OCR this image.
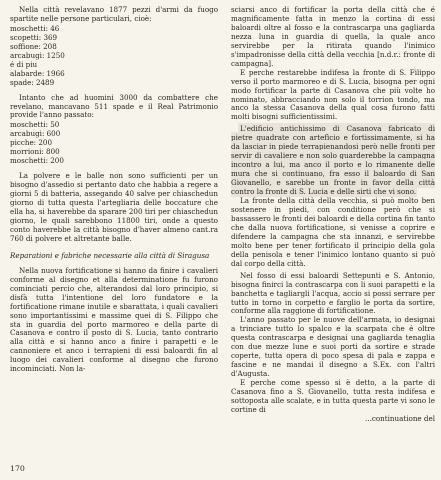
Nella città revelavano 1877 pezzi d'armi da fuogo spartite nelle persone particulari, cioè:

moschetti: 46
scopetti: 369
soffione: 208
arcabugi: 1250
é di piu
alabarde: 1966
spade: 2489

Intanto che ad huomini 3000 da combattere che revelano, mancavano 511 spade e il Real Patrimonio provide l'anno passato:

moschetti: 50
arcabugi: 600
picche: 200
morrioni: 800
moschetti: 200

La polvere e le balle non sono sufficienti per un bisogno d'assedio si pertanto dato che habbia a regere a giorni 5 di batteria, assegando 40 salve per chiaschedun giorno di tutta questa l'artegliaria delle boccature che ella ha, si haverebbe da sparare 200 tiri per chiaschedun giorno, le quali sarebbono 11800 tiri, onde a questo conto haverebbe la città bisogno d'haver almeno cant.ra 760 di polvere et altretante balle.

Reparationi e fabriche necessarie alla città di Siragusa

Nella nuova fortificatione si hanno da finire i cavalieri conforme al disegno et alla determinatione fu furono cominciati percio che, alterandosi dal loro principio, si disfà tutta l'intentione del loro fundatore e la fortificatione rimane inutile e sbarattata, i quali cavalieri sono importantissimi e massime quei di S. Filippo che sta in guardia del porto marmoreo e della parte di Casanova e contro il posto di S. Lucia, tanto contrario alla città e si hanno anco a finire i parapetti e le cannoniere et anco i terrapieni di essi baloardi fin al luogo dei cavalieri conforme al disegno che furono incominciati. Non la-

sciarsi anco di fortificar la porta della città che é magnificamente fatta in menzo la cortina di essi baloardi oltre al fosso e la contrascarpa una gagliarda nezza luna in guardia di quella, la quale anco servirebbe per la ritirata quando l'inimico s'impadronisse della città della vecchia [n.d.r.: fronte di campagna].

E perche restarebbe indifesa la fronte di S. Filippo verso il porto marmoreo e di S. Lucia, bisogna per ogni modo fortificar la parte di Casanova che più volte ho nominato, abbracciando non solo il torrion tondo, ma anco la stessa Casanova della qual cosa furono fatti molti bisogni sufficientissimi.

L'edificio antichissimo di Casanova fabricato di pietre quadrate con artefìcio e fortissimamente, si ha da lasciar in piede terrapienandosi però nelle fronti per servir di cavaliere e non solo guarderebbe la campagna incontro a lui, ma anco il porto e lo rimanente delle mura che si continuano, fra esso il baloardo di San Giovanello, e sarebbe un fronte in favor della città contro la fronte di S. Lucia e delle sirti che vi sono.

La fronte della città della vecchia, si può molto ben sostenere in piedi, con conditione però che si bassassero le fronti dei baloardi e della cortina fin tanto che dalla nuova fortificatione, si venisse a coprire e difendere la campagna che sta innanzi, e servirebbe molto bene per tener fortificato il principio della gola della penisola e tener l'inimico lontano quanto si può dal corpo della città.

Nel fosso di essi baloardi Settepunti e S. Antonio, bisogna finirci la contrascarpa con li suoi parapetti e la banchetta e tagliargli l'acqua, accio si possi serrare per tutto in torno in corpetto e farglio le porta da sortire, conforme alla raggione di fortificatione.

L'anno passato per le nuove dell'armata, io designai a trinciare tutto lo spalco e la scarpata che é oltre questa contrascarpa e designai una gagliarda tenaglia con due mezze lune e suoi porti da sortire e strade coperte, tutta opera di poco spesa di pala e zappa e fascine e ne mandai il disegno a S.Ex. con l'altri d'Augusta.

E perche come spesso si è detto, a la parte di Casanova fino a S. Giovanello, tutta resta indifesa e sottoposta alle scalate, e in tutta questa parte vi sono le cortine di

...continuatione del

170
